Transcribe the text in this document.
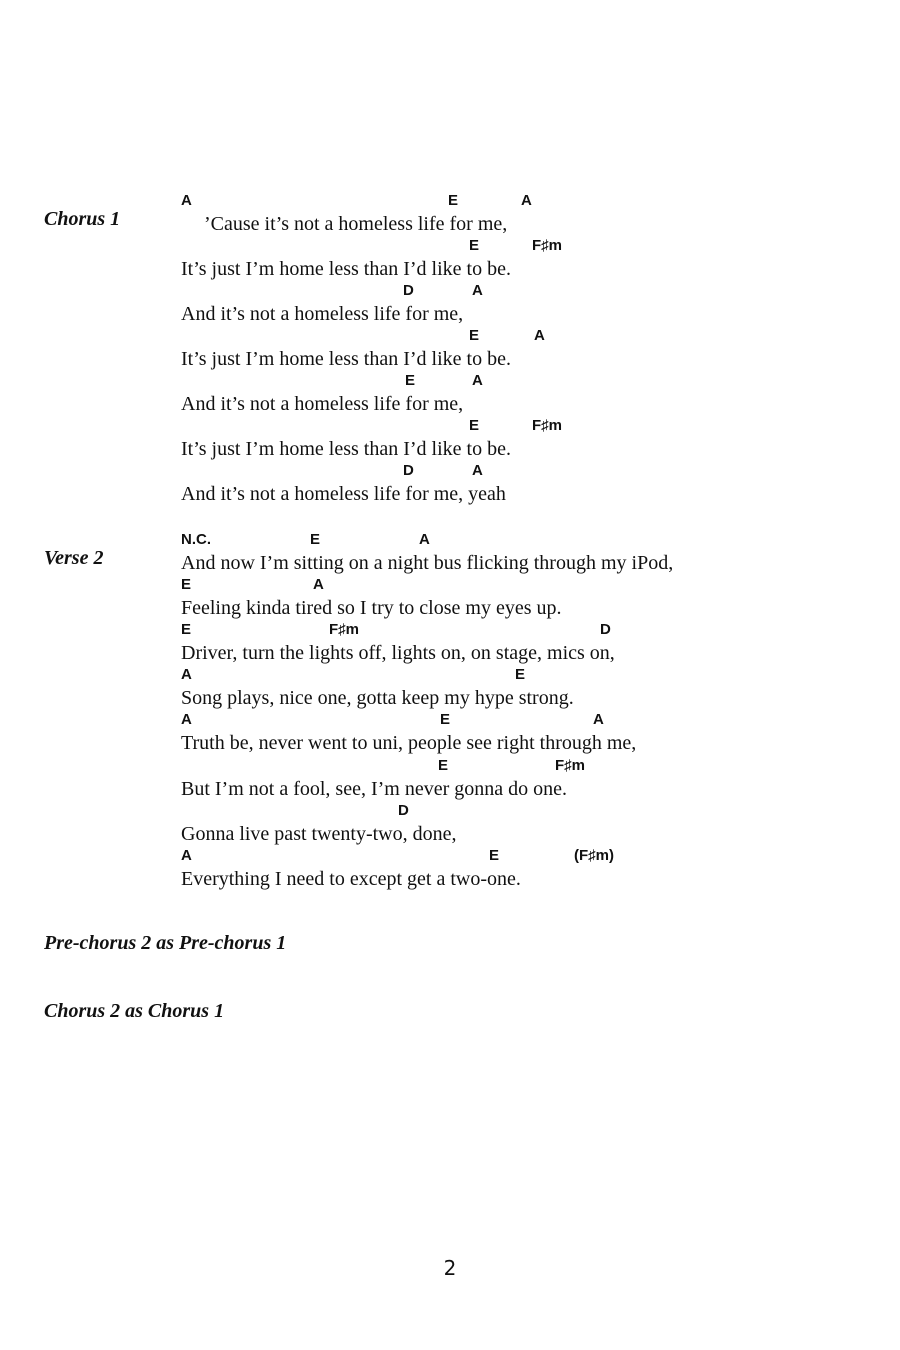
Chorus 1
A	E	A
’Cause it’s not a homeless life for me,
E	F♯m
It’s just I’m home less than I’d like to be.
D	A
And it’s not a homeless life for me,
E	A
It’s just I’m home less than I’d like to be.
E	A
And it’s not a homeless life for me,
E	F♯m
It’s just I’m home less than I’d like to be.
D	A
And it’s not a homeless life for me, yeah
Verse 2
N.C.	E	A
And now I’m sitting on a night bus flicking through my iPod,
E	A
Feeling kinda tired so I try to close my eyes up.
E	F♯m	D
Driver, turn the lights off, lights on, on stage, mics on,
A	E
Song plays, nice one, gotta keep my hype strong.
A	E	A
Truth be, never went to uni, people see right through me,
E	F♯m
But I’m not a fool, see, I’m never gonna do one.
D
Gonna live past twenty-two, done,
A	E	(F♯m)
Everything I need to except get a two-one.
Pre-chorus 2 as Pre-chorus 1
Chorus 2 as Chorus 1
2
